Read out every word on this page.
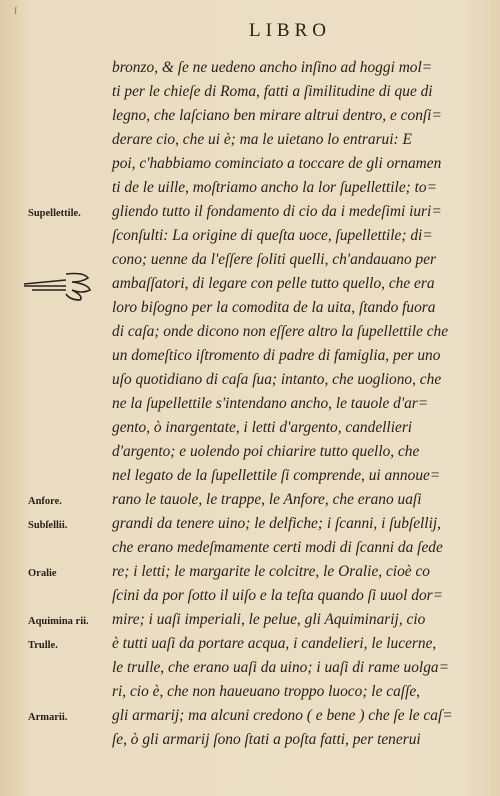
f
LIBRO
bronzo, & ſe ne uedeno ancho inſino ad hoggi mol=
ti per le chieſe di Roma, fatti a ſimilitudine di que di
legno, che laſciano ben mirare altrui dentro, e conſi=
derare cio, che ui è; ma le uietano lo entrarui: E
poi, c'habbiamo cominciato a toccare de gli ornamen
ti de le uille, moſtriamo ancho la lor ſupellettile; to=
gliendo tutto il fondamento di cio da i medeſimi iuri=
ſconſulti: La origine di queſta uoce, ſupellettile; di=
cono; uenne da l'eſſere ſoliti quelli, ch'andauano per
ambaſſatori, di legare con pelle tutto quello, che era
loro biſogno per la comodita de la uita, ſtando fuora
di caſa; onde dicono non eſſere altro la ſupellettile che
un domeſtico iſtromento di padre di famiglia, per uno
uſo quotidiano di caſa ſua; intanto, che uogliono, che
ne la ſupellettile s'intendano ancho, le tauole d'ar=
gento, ò inargentate, i letti d'argento, candellieri
d'argento; e uolendo poi chiarire tutto quello, che
nel legato de la ſupellettile ſi comprende, ui annoue=
rano le tauole, le trappe, le Anfore, che erano uaſi
grandi da tenere uino; le delfiche; i ſcanni, i ſubſellij,
che erano medeſmamente certi modi di ſcanni da ſede
re; i letti; le margarite le colcitre, le Oralie, cioè co
ſcini da por ſotto il uiſo e la teſta quando ſi uuol dor=
mire; i uaſi imperiali, le pelue, gli Aquiminarij, cio
è tutti uaſi da portare acqua, i candelieri, le lucerne,
le trulle, che erano uaſi da uino; i uaſi di rame uolga=
ri, cio è, che non haueuano troppo luoco; le caſſe,
gli armarij; ma alcuni credono ( e bene ) che ſe le caſ=
ſe, ò gli armarij ſono ſtati a poſta fatti, per tenerui
Supellettile.
Anfore.
Subſellii.
Oralie
Aquimina rii.
Trulle.
Armarii.
